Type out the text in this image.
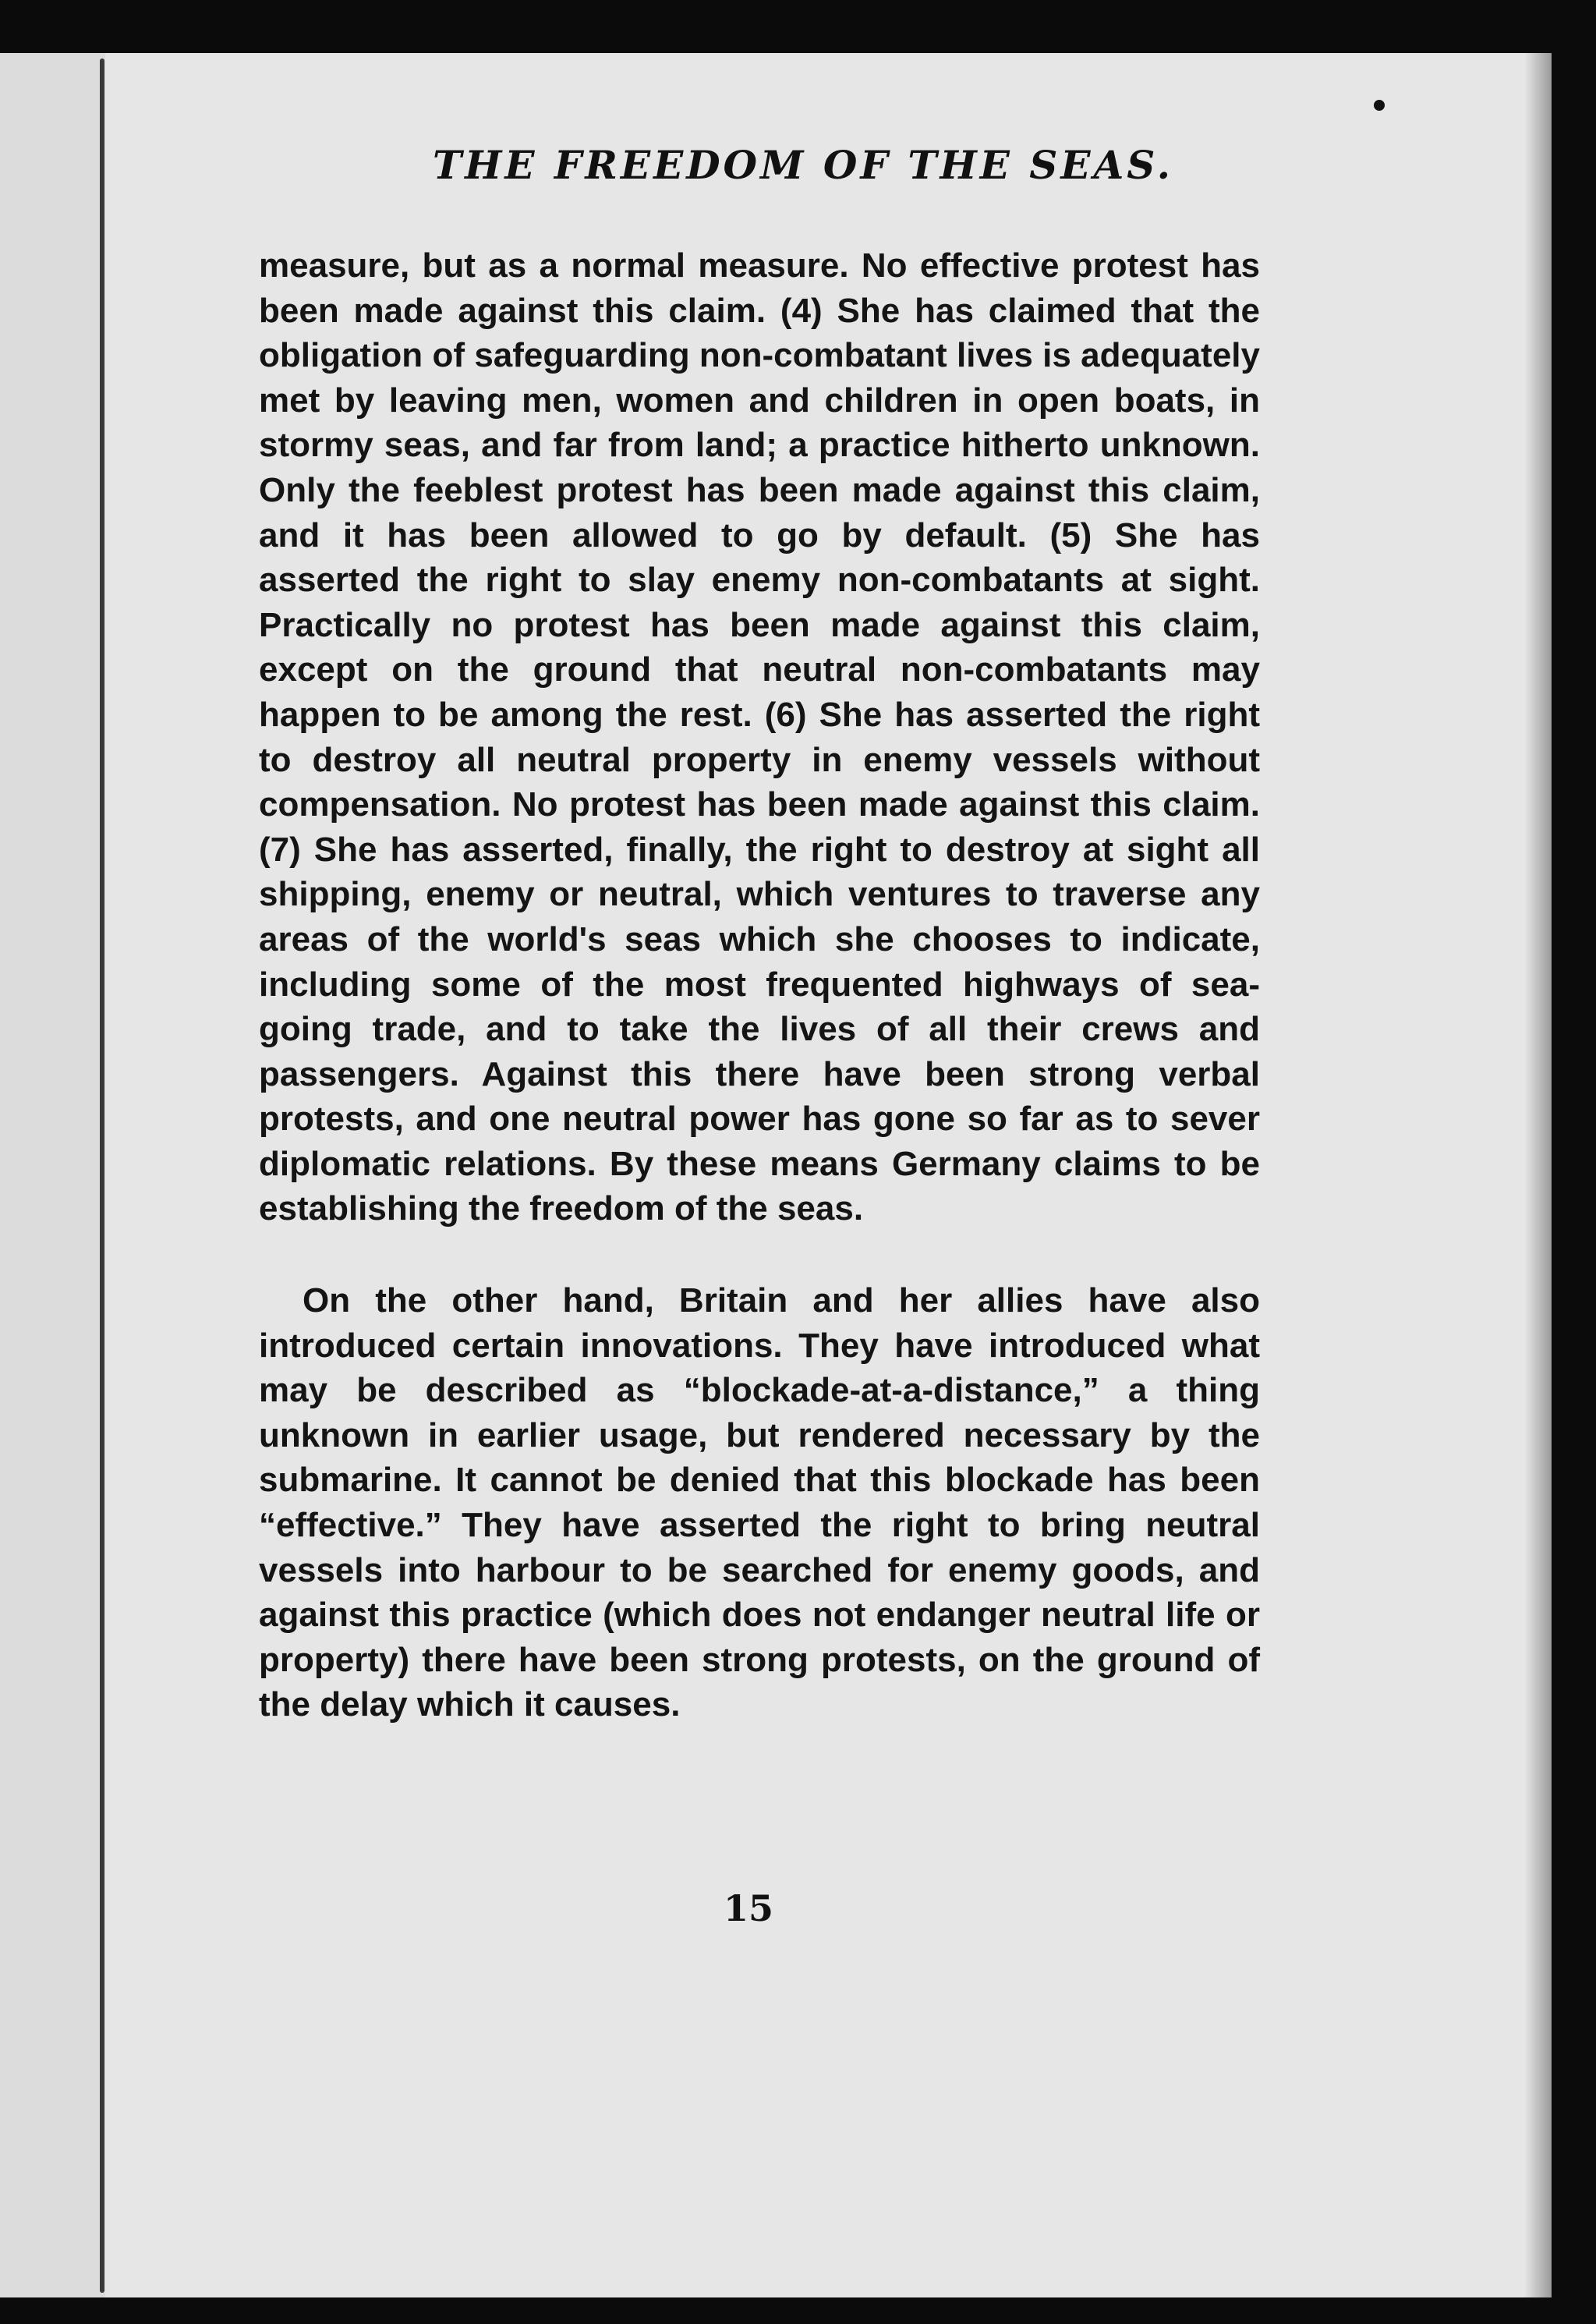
THE FREEDOM OF THE SEAS.

measure, but as a normal measure. No effective protest has been made against this claim. (4) She has claimed that the obligation of safeguarding non-combatant lives is adequately met by leaving men, women and children in open boats, in stormy seas, and far from land; a practice hitherto unknown. Only the feeblest protest has been made against this claim, and it has been allowed to go by default. (5) She has asserted the right to slay enemy non-combatants at sight. Practically no protest has been made against this claim, except on the ground that neutral non-combatants may happen to be among the rest. (6) She has asserted the right to destroy all neutral property in enemy vessels without compensation. No protest has been made against this claim. (7) She has asserted, finally, the right to destroy at sight all shipping, enemy or neutral, which ventures to traverse any areas of the world's seas which she chooses to indicate, including some of the most frequented highways of sea-going trade, and to take the lives of all their crews and passengers. Against this there have been strong verbal protests, and one neutral power has gone so far as to sever diplomatic relations. By these means Germany claims to be establishing the freedom of the seas.

On the other hand, Britain and her allies have also introduced certain innovations. They have introduced what may be described as “blockade-at-a-distance,” a thing unknown in earlier usage, but rendered necessary by the submarine. It cannot be denied that this blockade has been “effective.” They have asserted the right to bring neutral vessels into harbour to be searched for enemy goods, and against this practice (which does not endanger neutral life or property) there have been strong protests, on the ground of the delay which it causes.

15
